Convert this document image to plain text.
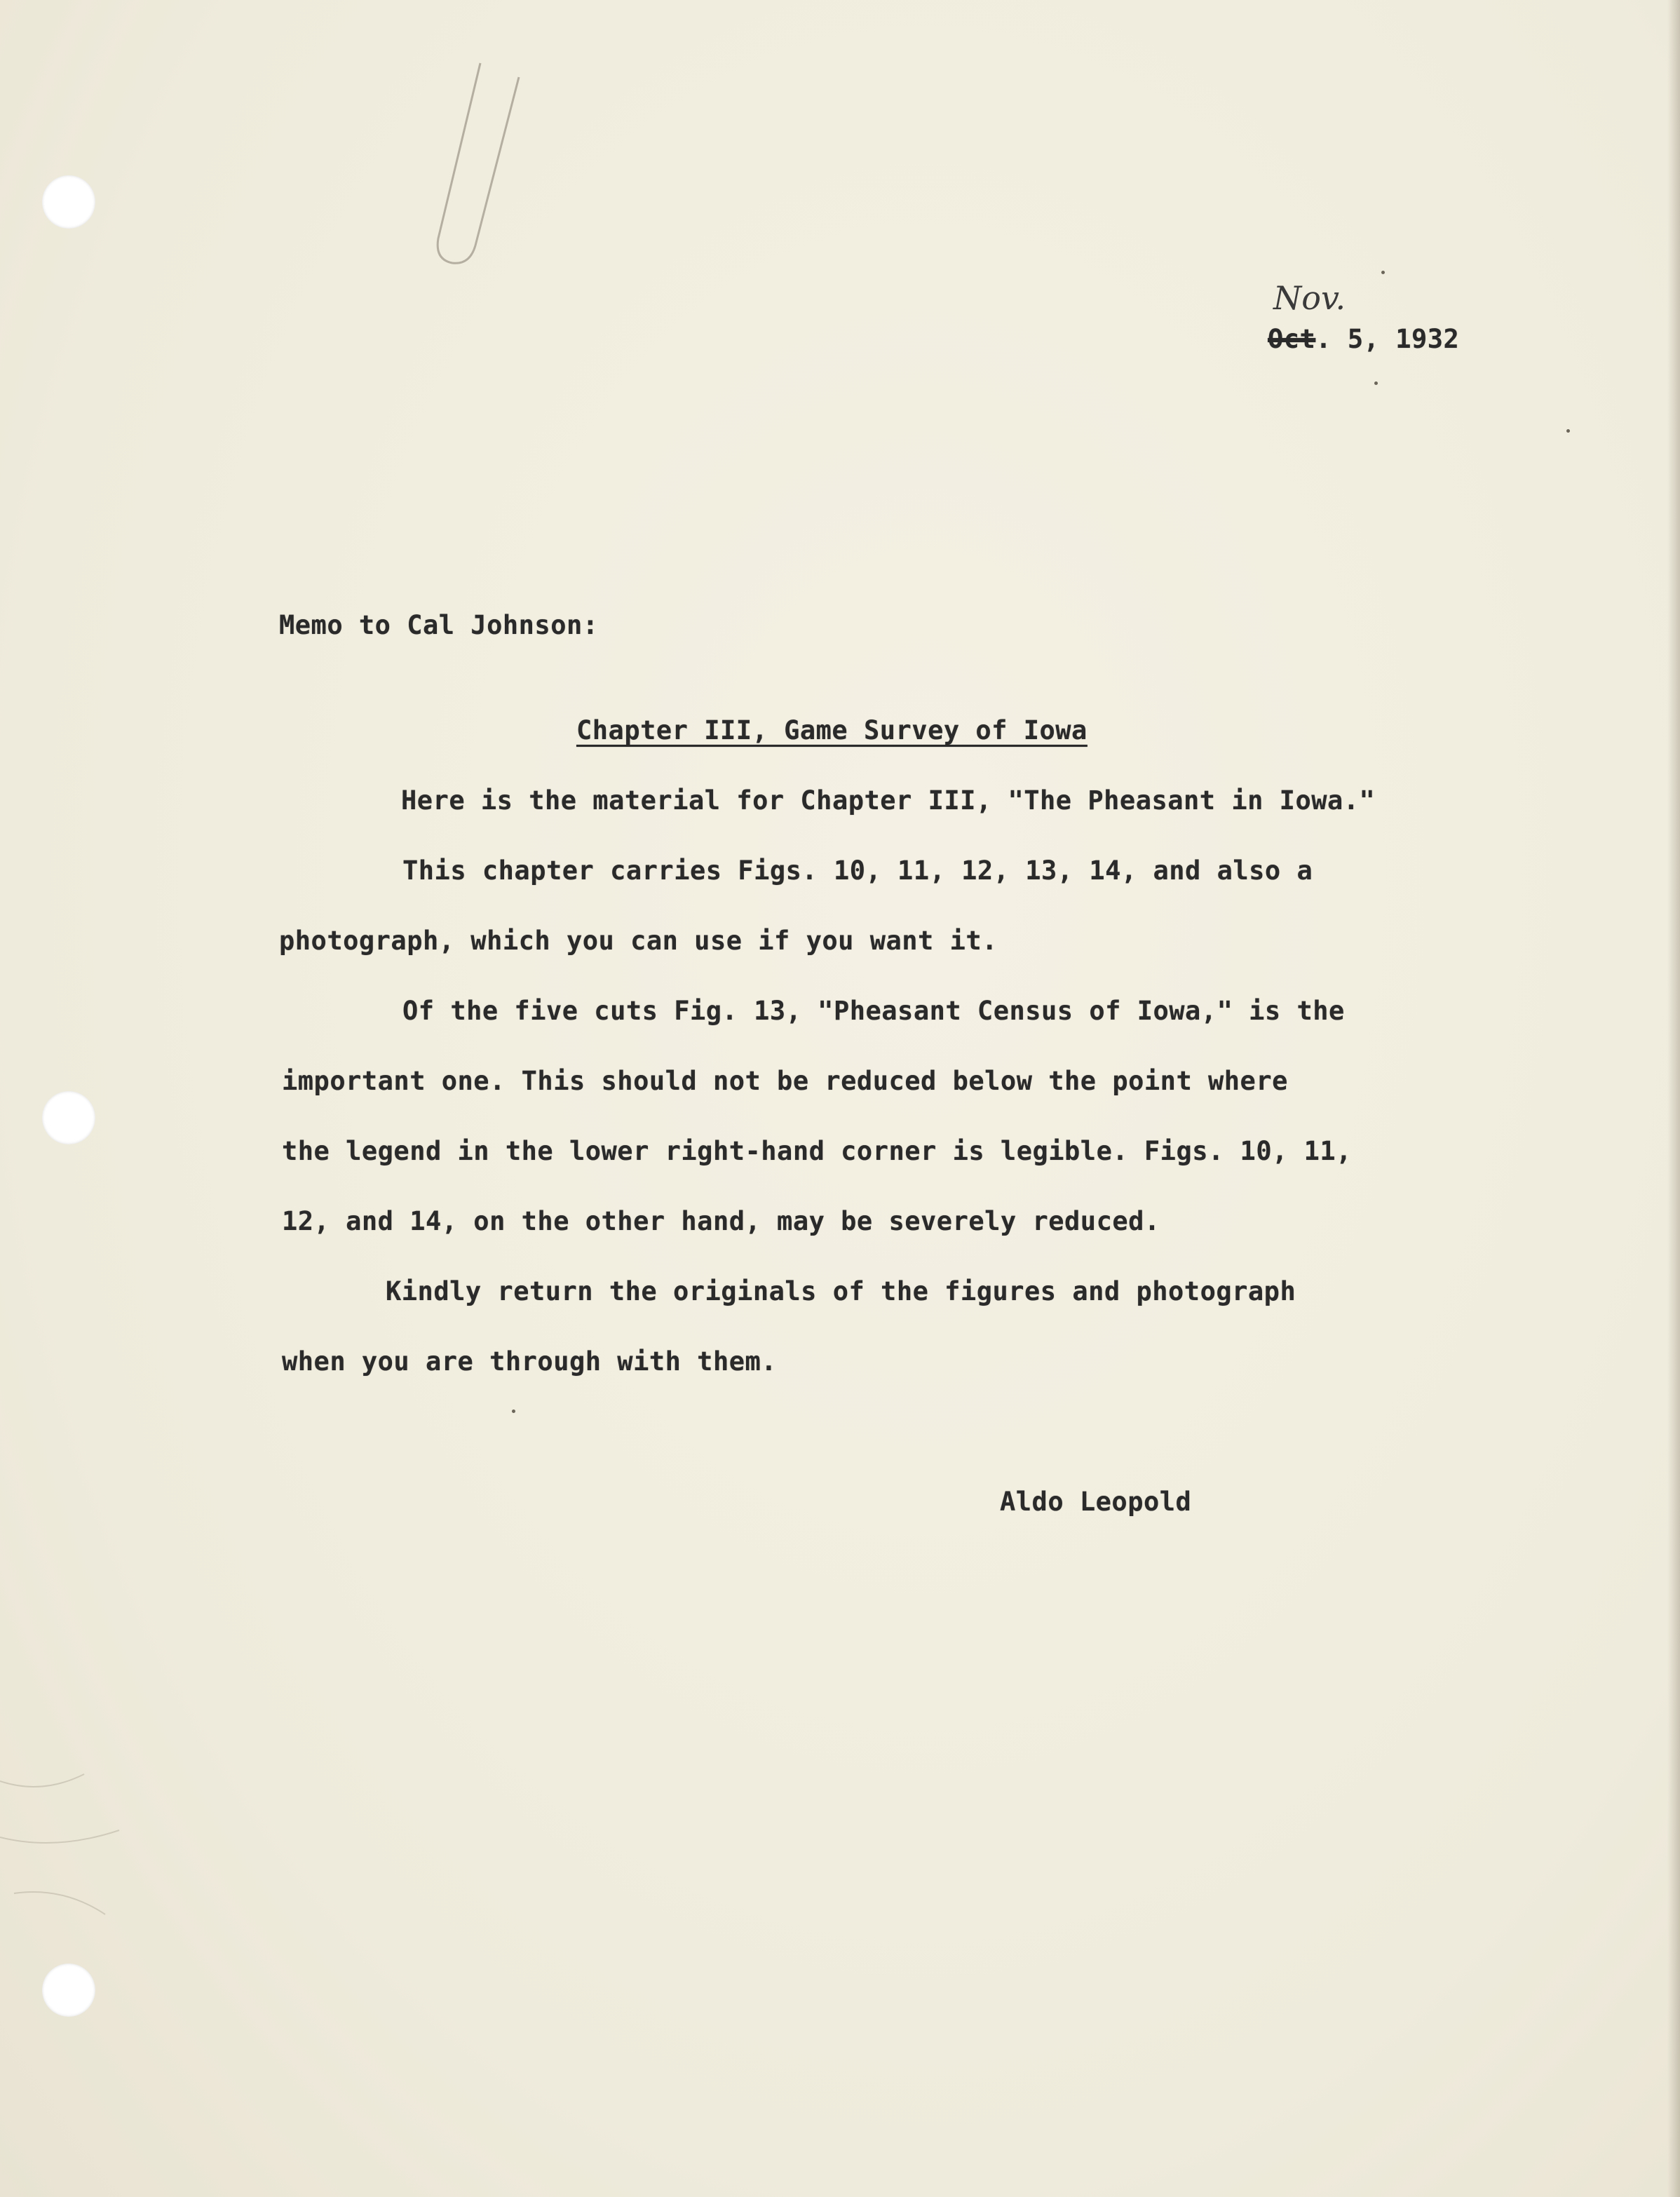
Nov.
Oct. 5, 1932
Memo to Cal Johnson:
Chapter III, Game Survey of Iowa
Here is the material for Chapter III, "The Pheasant in Iowa."
This chapter carries Figs. 10, 11, 12, 13, 14, and also a
photograph, which you can use if you want it.
Of the five cuts Fig. 13, "Pheasant Census of Iowa," is the
important one. This should not be reduced below the point where
the legend in the lower right-hand corner is legible. Figs. 10, 11,
12, and 14, on the other hand, may be severely reduced.
Kindly return the originals of the figures and photograph
when you are through with them.
Aldo Leopold
